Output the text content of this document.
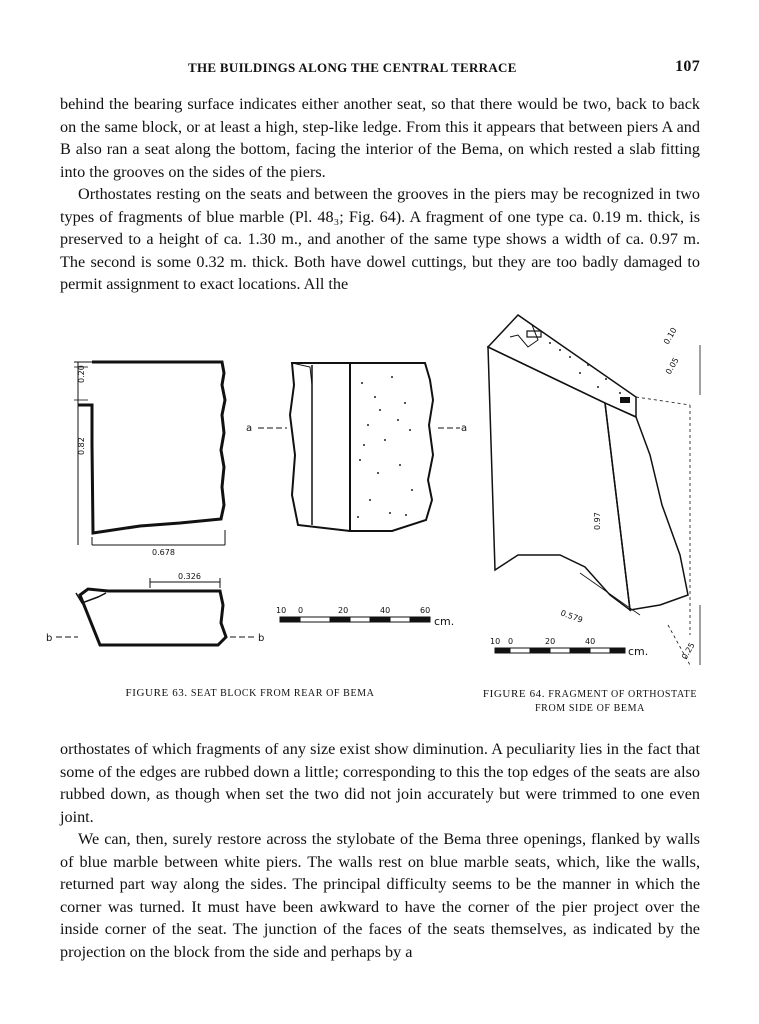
THE BUILDINGS ALONG THE CENTRAL TERRACE	107

behind the bearing surface indicates either another seat, so that there would be two, back to back on the same block, or at least a high, step-like ledge. From this it appears that between piers A and B also ran a seat along the bottom, facing the interior of the Bema, on which rested a slab fitting into the grooves on the sides of the piers.

Orthostates resting on the seats and between the grooves in the piers may be recognized in two types of fragments of blue marble (Pl. 48₃; Fig. 64). A fragment of one type ca. 0.19 m. thick, is preserved to a height of ca. 1.30 m., and another of the same type shows a width of ca. 0.97 m. The second is some 0.32 m. thick. Both have dowel cuttings, but they are too badly damaged to permit assignment to exact locations. All the

0.20
0.82
0.678
0.326
a	a
b	b
10 0	20	40	60
cm.
0.10
0.05
0.97
0.579
0.25
10 0	20	40
cm.
FIGURE 63. SEAT BLOCK FROM REAR OF BEMA	FIGURE 64. FRAGMENT OF ORTHOSTATE
FROM SIDE OF BEMA

orthostates of which fragments of any size exist show diminution. A peculiarity lies in the fact that some of the edges are rubbed down a little; corresponding to this the top edges of the seats are also rubbed down, as though when set the two did not join accurately but were trimmed to one even joint.

We can, then, surely restore across the stylobate of the Bema three openings, flanked by walls of blue marble between white piers. The walls rest on blue marble seats, which, like the walls, returned part way along the sides. The principal difficulty seems to be the manner in which the corner was turned. It must have been awkward to have the corner of the pier project over the inside corner of the seat. The junction of the faces of the seats themselves, as indicated by the projection on the block from the side and perhaps by a
